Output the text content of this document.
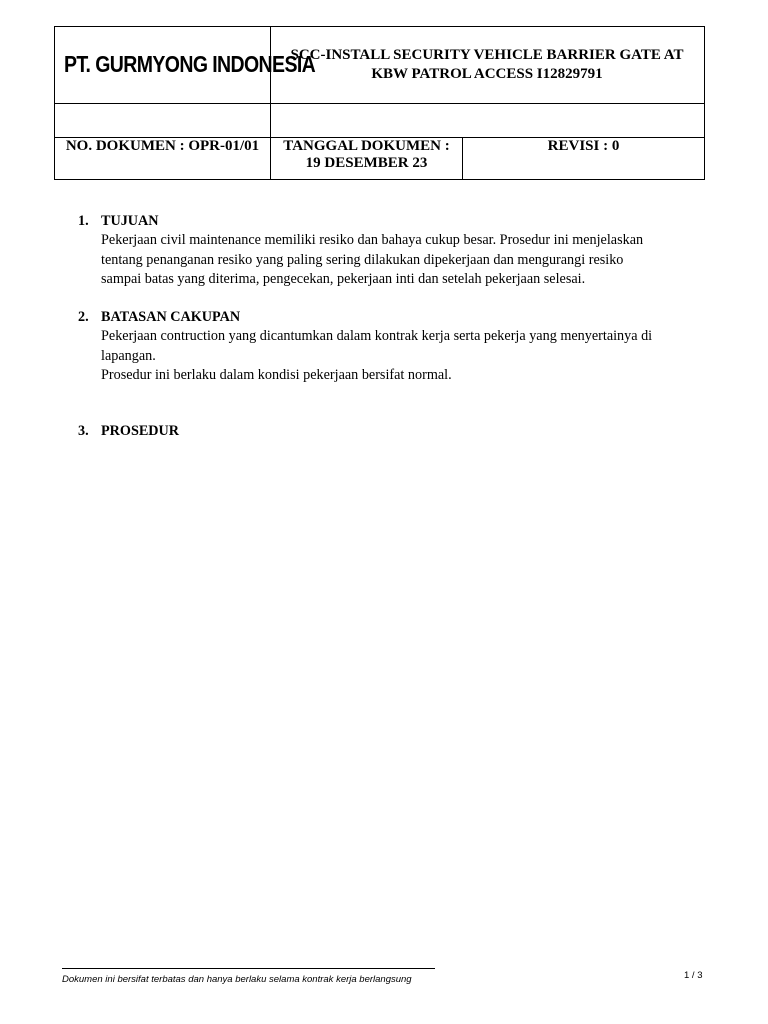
PT. GURMYONG INDONESIA
SCC-INSTALL SECURITY VEHICLE BARRIER GATE AT
KBW PATROL ACCESS I12829791
NO. DOKUMEN : OPR-01/01	TANGGAL DOKUMEN :
19 DESEMBER 23
REVISI : 0
1. TUJUAN
Pekerjaan civil maintenance memiliki resiko dan bahaya cukup besar. Prosedur ini menjelaskan
tentang penanganan resiko yang paling sering dilakukan dipekerjaan dan mengurangi resiko
sampai batas yang diterima, pengecekan, pekerjaan inti dan setelah pekerjaan selesai.
2. BATASAN CAKUPAN
Pekerjaan contruction yang dicantumkan dalam kontrak kerja serta pekerja yang menyertainya di
lapangan.
Prosedur ini berlaku dalam kondisi pekerjaan bersifat normal.
3. PROSEDUR
Dokumen ini bersifat terbatas dan hanya berlaku selama kontrak kerja berlangsung	1 / 3
